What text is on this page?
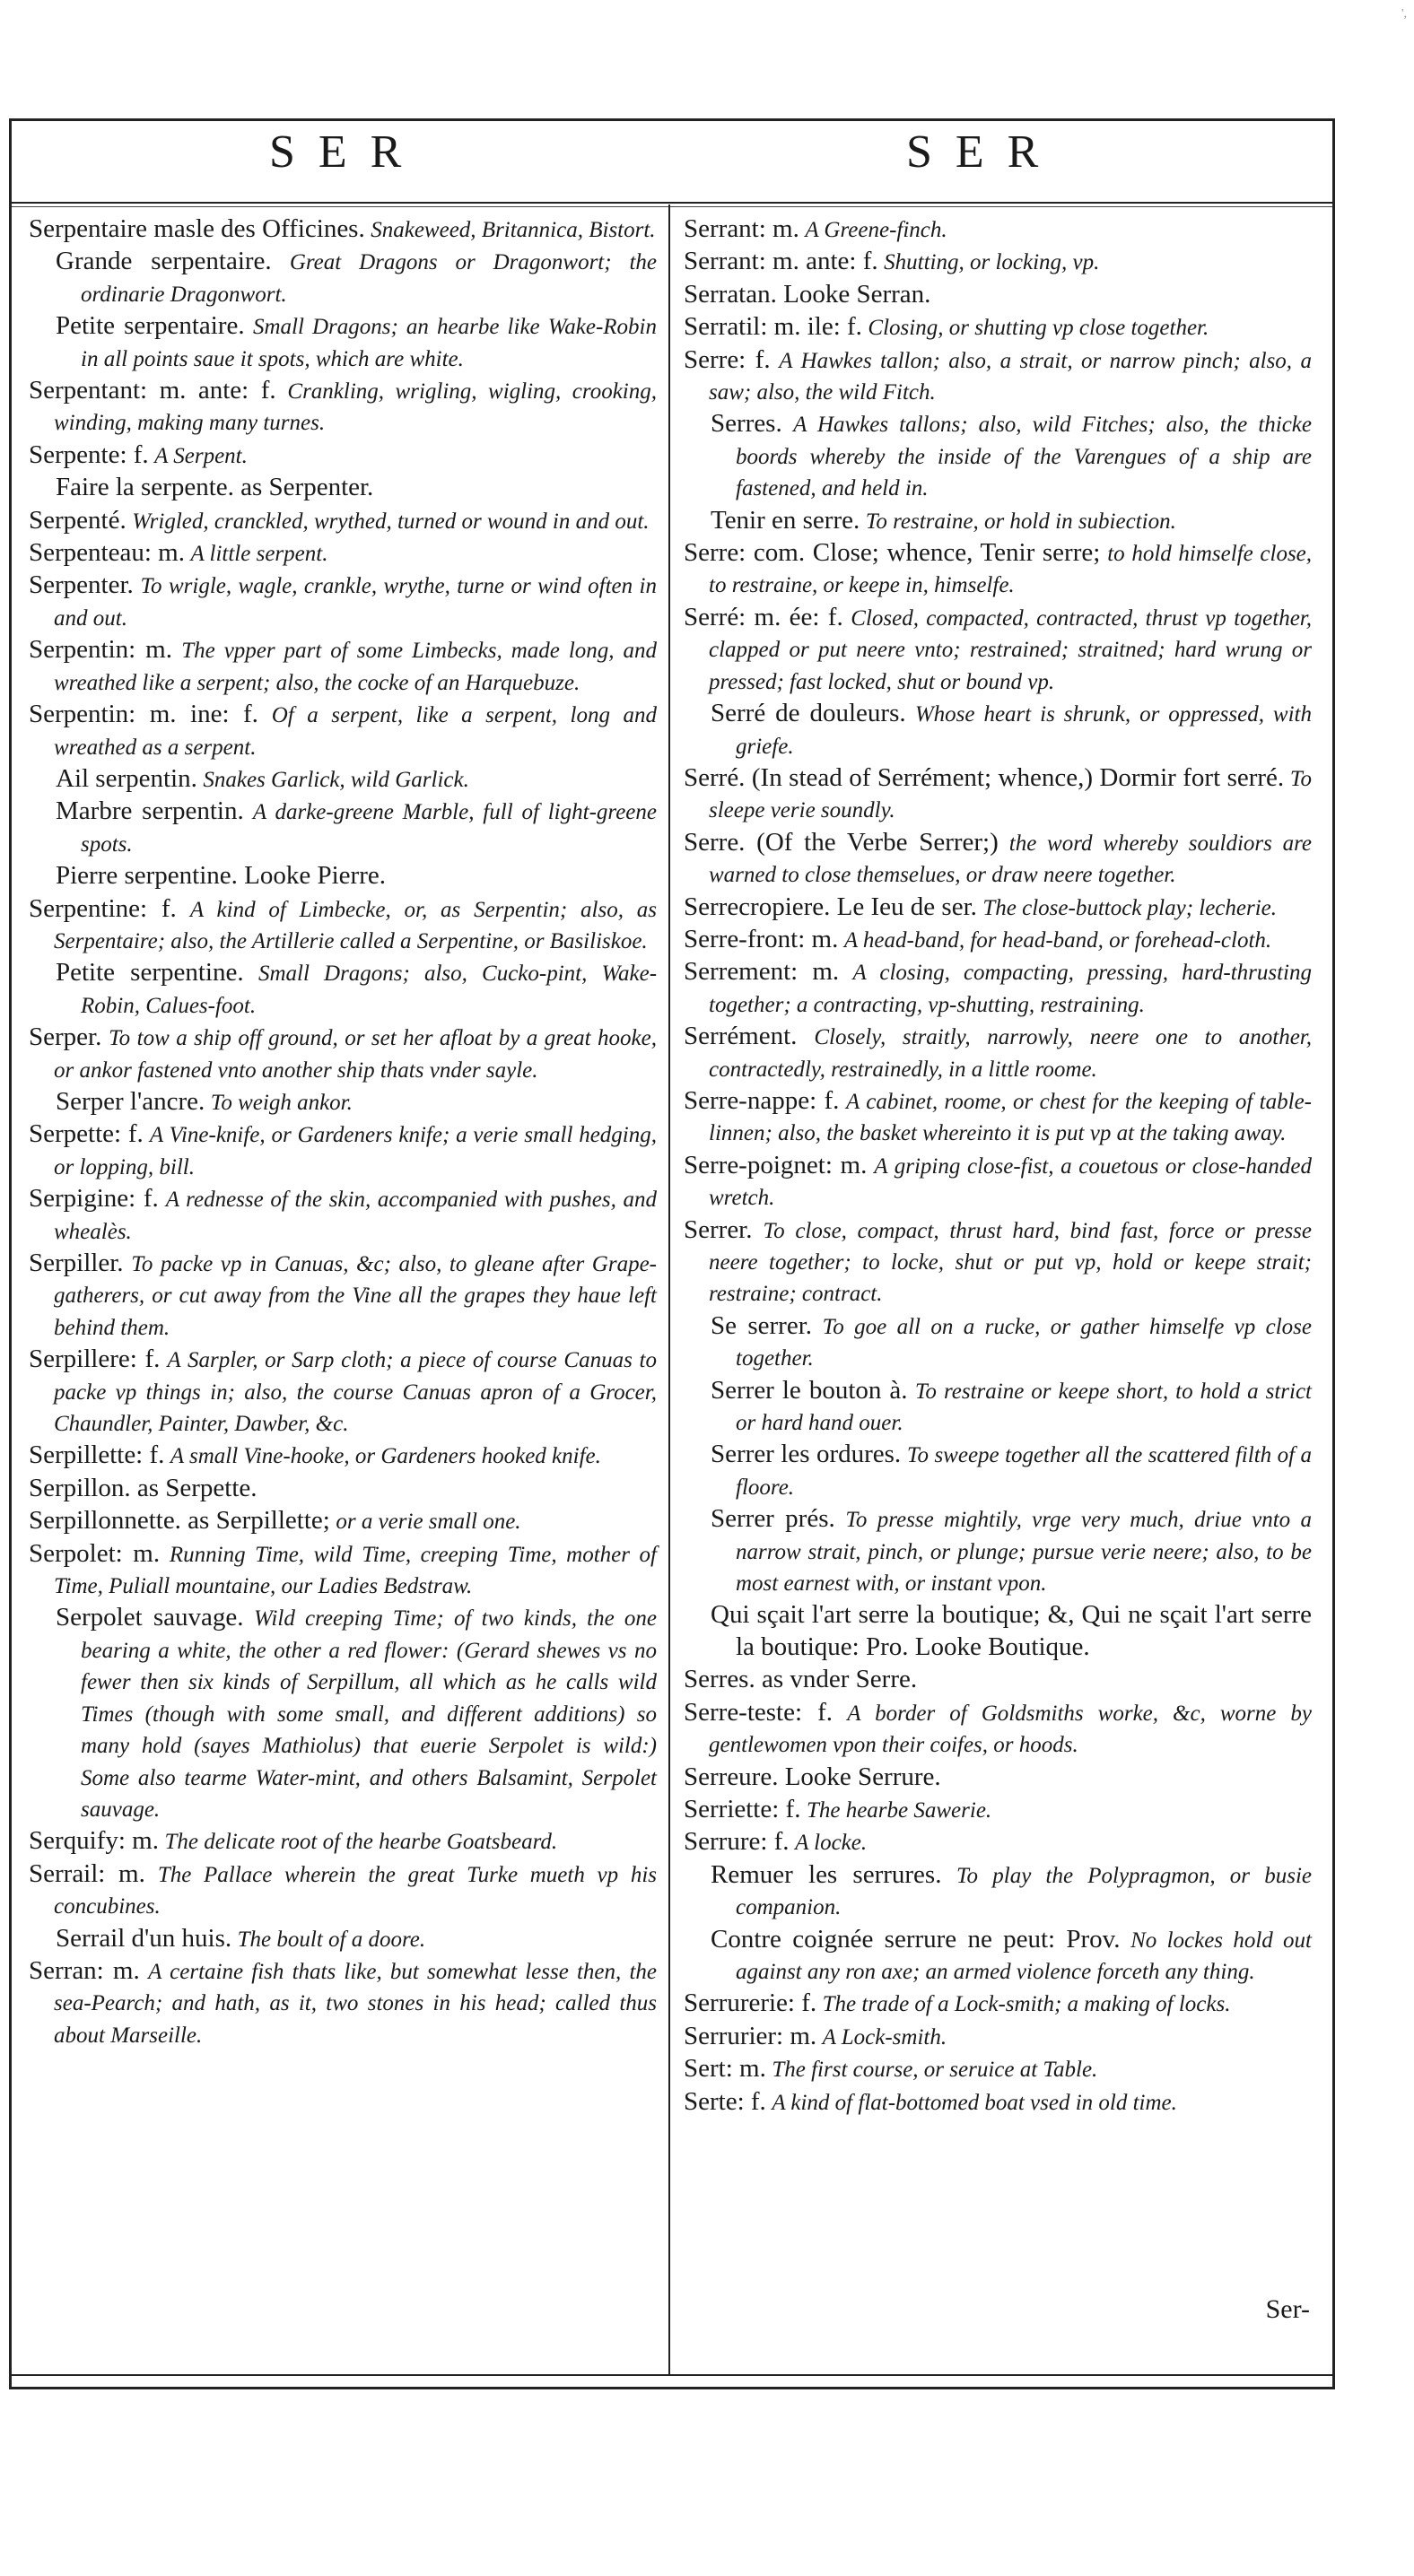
',
SER	SER
Serpentaire masle des Officines. Snakeweed, Britannica, Bistort.
Grande serpentaire. Great Dragons or Dragonwort; the ordinarie Dragonwort.
Petite serpentaire. Small Dragons; an hearbe like Wake-Robin in all points saue it spots, which are white.
Serpentant: m. ante: f. Crankling, wrigling, wigling, crooking, winding, making many turnes.
Serpente: f. A Serpent.
Faire la serpente. as Serpenter.
Serpenté. Wrigled, cranckled, wrythed, turned or wound in and out.
Serpenteau: m. A little serpent.
Serpenter. To wrigle, wagle, crankle, wrythe, turne or wind often in and out.
Serpentin: m. The vpper part of some Limbecks, made long, and wreathed like a serpent; also, the cocke of an Harquebuze.
Serpentin: m. ine: f. Of a serpent, like a serpent, long and wreathed as a serpent.
Ail serpentin. Snakes Garlick, wild Garlick.
Marbre serpentin. A darke-greene Marble, full of light-greene spots.
Pierre serpentine. Looke Pierre.
Serpentine: f. A kind of Limbecke, or, as Serpentin; also, as Serpentaire; also, the Artillerie called a Serpentine, or Basiliskoe.
Petite serpentine. Small Dragons; also, Cucko-pint, Wake-Robin, Calues-foot.
Serper. To tow a ship off ground, or set her afloat by a great hooke, or ankor fastened vnto another ship thats vnder sayle.
Serper l'ancre. To weigh ankor.
Serpette: f. A Vine-knife, or Gardeners knife; a verie small hedging, or lopping, bill.
Serpigine: f. A rednesse of the skin, accompanied with pushes, and whealès.
Serpiller. To packe vp in Canuas, &c; also, to gleane after Grape-gatherers, or cut away from the Vine all the grapes they haue left behind them.
Serpillere: f. A Sarpler, or Sarp cloth; a piece of course Canuas to packe vp things in; also, the course Canuas apron of a Grocer, Chaundler, Painter, Dawber, &c.
Serpillette: f. A small Vine-hooke, or Gardeners hooked knife.
Serpillon. as Serpette.
Serpillonnette. as Serpillette; or a verie small one.
Serpolet: m. Running Time, wild Time, creeping Time, mother of Time, Puliall mountaine, our Ladies Bedstraw.
Serpolet sauvage. Wild creeping Time; of two kinds, the one bearing a white, the other a red flower: (Gerard shewes vs no fewer then six kinds of Serpillum, all which as he calls wild Times (though with some small, and different additions) so many hold (sayes Mathiolus) that euerie Serpolet is wild:) Some also tearme Water-mint, and others Balsamint, Serpolet sauvage.
Serquify: m. The delicate root of the hearbe Goatsbeard.
Serrail: m. The Pallace wherein the great Turke mueth vp his concubines.
Serrail d'un huis. The boult of a doore.
Serran: m. A certaine fish thats like, but somewhat lesse then, the sea-Pearch; and hath, as it, two stones in his head; called thus about Marseille.
Serrant: m. A Greene-finch.
Serrant: m. ante: f. Shutting, or locking, vp.
Serratan. Looke Serran.
Serratil: m. ile: f. Closing, or shutting vp close together.
Serre: f. A Hawkes tallon; also, a strait, or narrow pinch; also, a saw; also, the wild Fitch.
Serres. A Hawkes tallons; also, wild Fitches; also, the thicke boords whereby the inside of the Varengues of a ship are fastened, and held in.
Tenir en serre. To restraine, or hold in subiection.
Serre: com. Close; whence, Tenir serre; to hold himselfe close, to restraine, or keepe in, himselfe.
Serré: m. ée: f. Closed, compacted, contracted, thrust vp together, clapped or put neere vnto; restrained; straitned; hard wrung or pressed; fast locked, shut or bound vp.
Serré de douleurs. Whose heart is shrunk, or oppressed, with griefe.
Serré. (In stead of Serrément; whence,) Dormir fort serré. To sleepe verie soundly.
Serre. (Of the Verbe Serrer;) the word whereby souldiors are warned to close themselues, or draw neere together.
Serrecropiere. Le Ieu de ser. The close-buttock play; lecherie.
Serre-front: m. A head-band, for head-band, or forehead-cloth.
Serrement: m. A closing, compacting, pressing, hard-thrusting together; a contracting, vp-shutting, restraining.
Serrément. Closely, straitly, narrowly, neere one to another, contractedly, restrainedly, in a little roome.
Serre-nappe: f. A cabinet, roome, or chest for the keeping of table-linnen; also, the basket whereinto it is put vp at the taking away.
Serre-poignet: m. A griping close-fist, a couetous or close-handed wretch.
Serrer. To close, compact, thrust hard, bind fast, force or presse neere together; to locke, shut or put vp, hold or keepe strait; restraine; contract.
Se serrer. To goe all on a rucke, or gather himselfe vp close together.
Serrer le bouton à. To restraine or keepe short, to hold a strict or hard hand ouer.
Serrer les ordures. To sweepe together all the scattered filth of a floore.
Serrer prés. To presse mightily, vrge very much, driue vnto a narrow strait, pinch, or plunge; pursue verie neere; also, to be most earnest with, or instant vpon.
Qui sçait l'art serre la boutique; &, Qui ne sçait l'art serre la boutique: Pro. Looke Boutique.
Serres. as vnder Serre.
Serre-teste: f. A border of Goldsmiths worke, &c, worne by gentlewomen vpon their coifes, or hoods.
Serreure. Looke Serrure.
Serriette: f. The hearbe Sawerie.
Serrure: f. A locke.
Remuer les serrures. To play the Polypragmon, or busie companion.
Contre coignée serrure ne peut: Prov. No lockes hold out against any ron axe; an armed violence forceth any thing.
Serrurerie: f. The trade of a Lock-smith; a making of locks.
Serrurier: m. A Lock-smith.
Sert: m. The first course, or seruice at Table.
Serte: f. A kind of flat-bottomed boat vsed in old time.
Ser-
